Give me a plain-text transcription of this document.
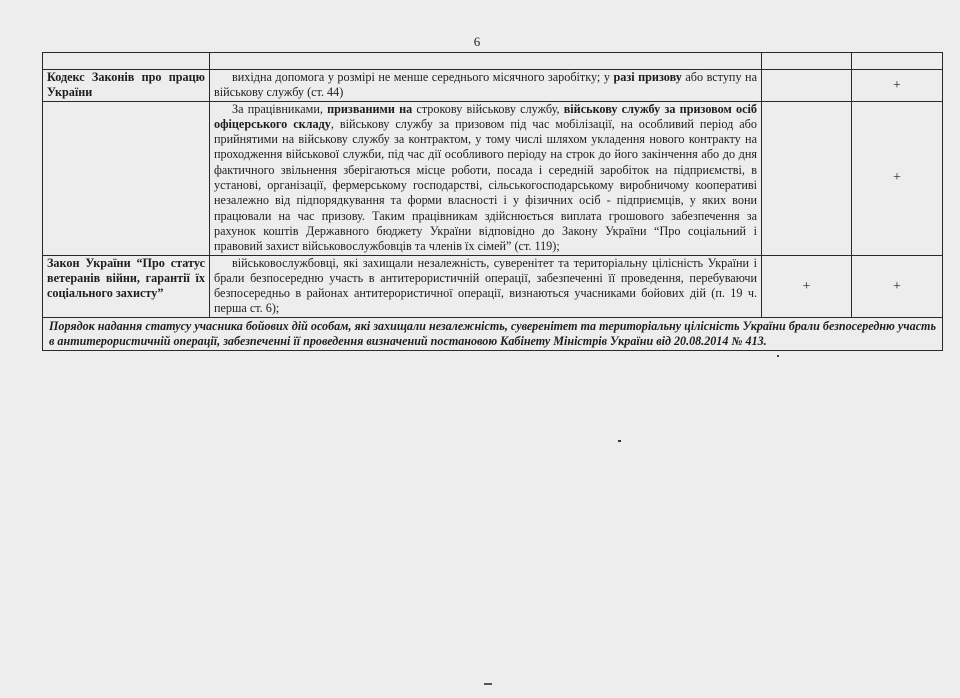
6

Кодекс Законів про працю України	вихідна допомога у розмірі не менше середнього місячного заробітку; у разі призову або вступу на військову службу (ст. 44)		+

	За працівниками, призваними на строкову військову службу, військову службу за призовом осіб офіцерського складу, військову службу за призовом під час мобілізації, на особливий період або прийнятими на військову службу за контрактом, у тому числі шляхом укладення нового контракту на проходження військової служби, під час дії особливого періоду на строк до його закінчення або до дня фактичного звільнення зберігаються місце роботи, посада і середній заробіток на підприємстві, в установі, організації, фермерському господарстві, сільськогосподарському виробничому кооперативі незалежно від підпорядкування та форми власності і у фізичних осіб - підприємців, у яких вони працювали на час призову. Таким працівникам здійснюється виплата грошового забезпечення за рахунок коштів Державного бюджету України відповідно до Закону України “Про соціальний і правовий захист військовослужбовців та членів їх сімей” (ст. 119);		+
Закон України “Про статус ветеранів війни, гарантії їх соціального захисту”	військовослужбовці, які захищали незалежність, суверенітет та територіальну цілісність України і брали безпосередню участь в антитерористичній операції, забезпеченні її проведення, перебуваючи безпосередньо в районах антитерористичної операції, визнаються учасниками бойових дій (п. 19 ч. перша ст. 6);	+	+
Порядок надання статусу учасника бойових дій особам, які захищали незалежність, суверенітет та територіальну цілісність України брали безпосередню участь в антитерористичній операції, забезпеченні її проведення визначений постановою Кабінету Міністрів України від 20.08.2014 № 413.			
